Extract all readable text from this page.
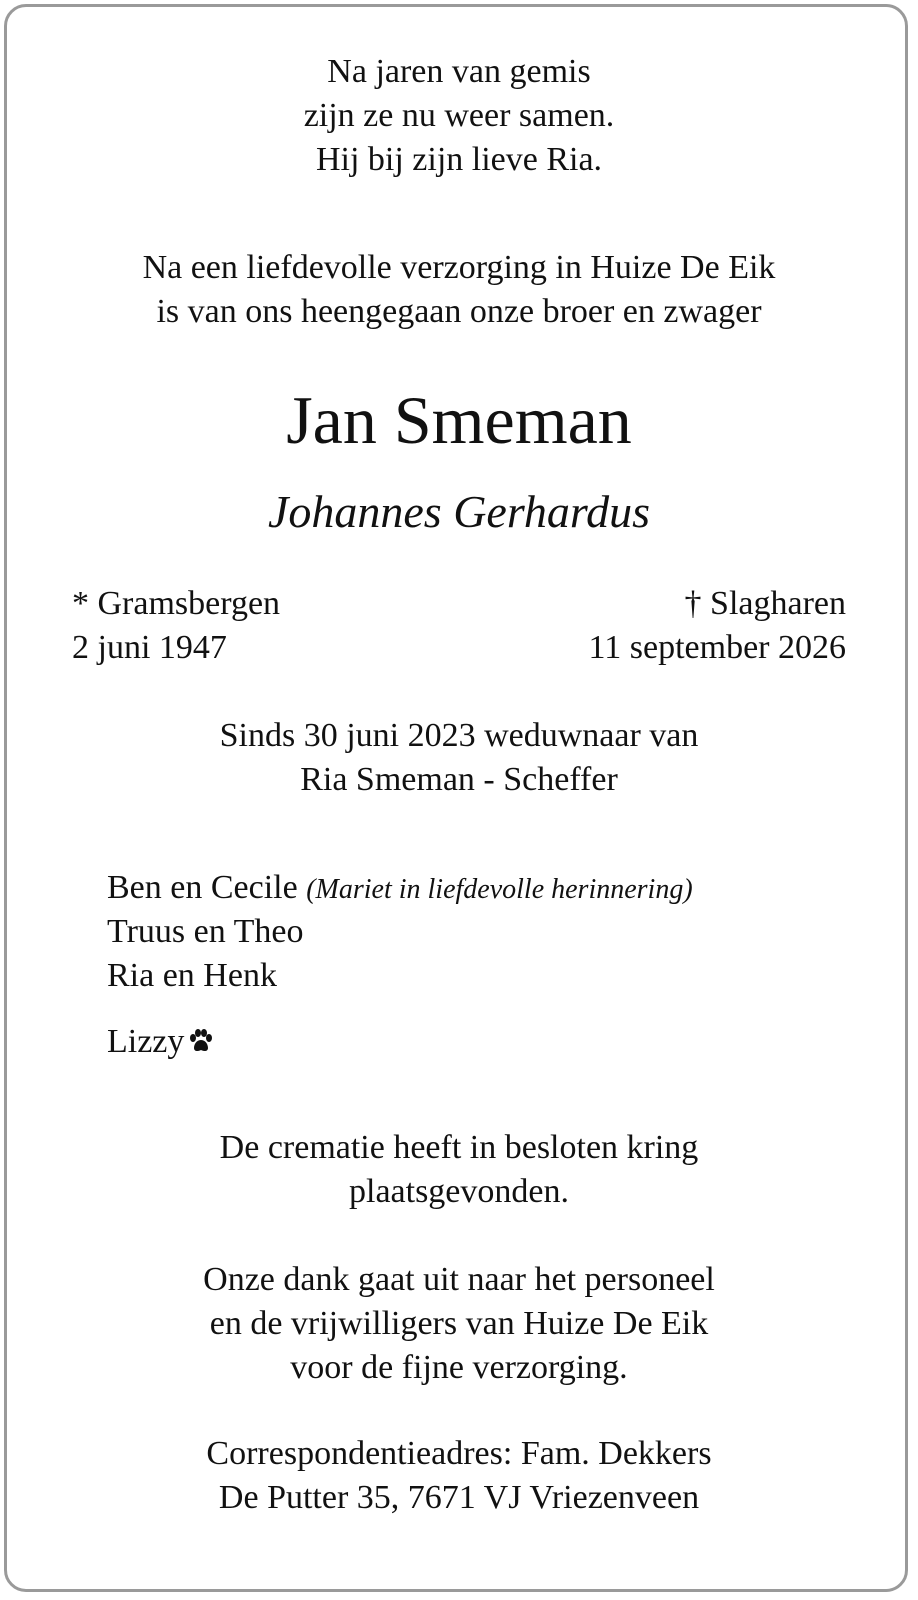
Na jaren van gemis
zijn ze nu weer samen.
Hij bij zijn lieve Ria.
Na een liefdevolle verzorging in Huize De Eik
is van ons heengegaan onze broer en zwager
Jan Smeman
Johannes Gerhardus
* Gramsbergen
2 juni 1947
† Slagharen
11 september 2026
Sinds 30 juni 2023 weduwnaar van
Ria Smeman - Scheffer
Ben en Cecile (Mariet in liefdevolle herinnering)
Truus en Theo
Ria en Henk
Lizzy
De crematie heeft in besloten kring
plaatsgevonden.
Onze dank gaat uit naar het personeel
en de vrijwilligers van Huize De Eik
voor de fijne verzorging.
Correspondentieadres: Fam. Dekkers
De Putter 35, 7671 VJ Vriezenveen
